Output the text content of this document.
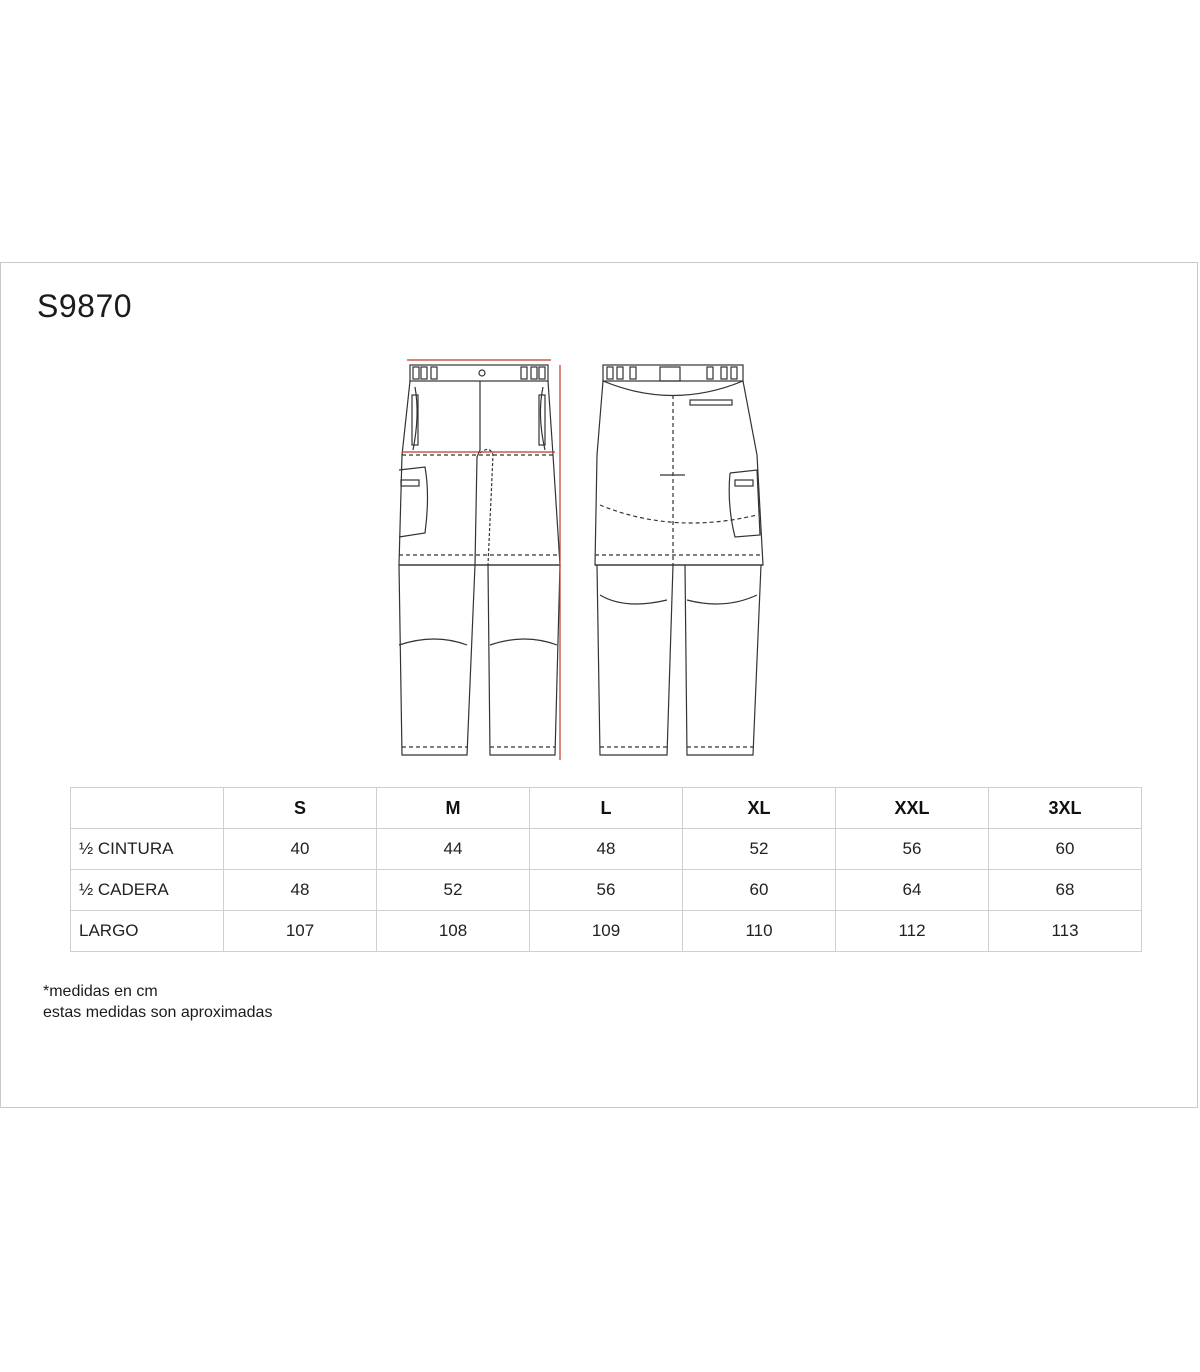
S9870
	S	M	L	XL	XXL	3XL
½ CINTURA	40	44	48	52	56	60
½ CADERA	48	52	56	60	64	68
LARGO	107	108	109	110	112	113
*medidas en cm
estas medidas son aproximadas
